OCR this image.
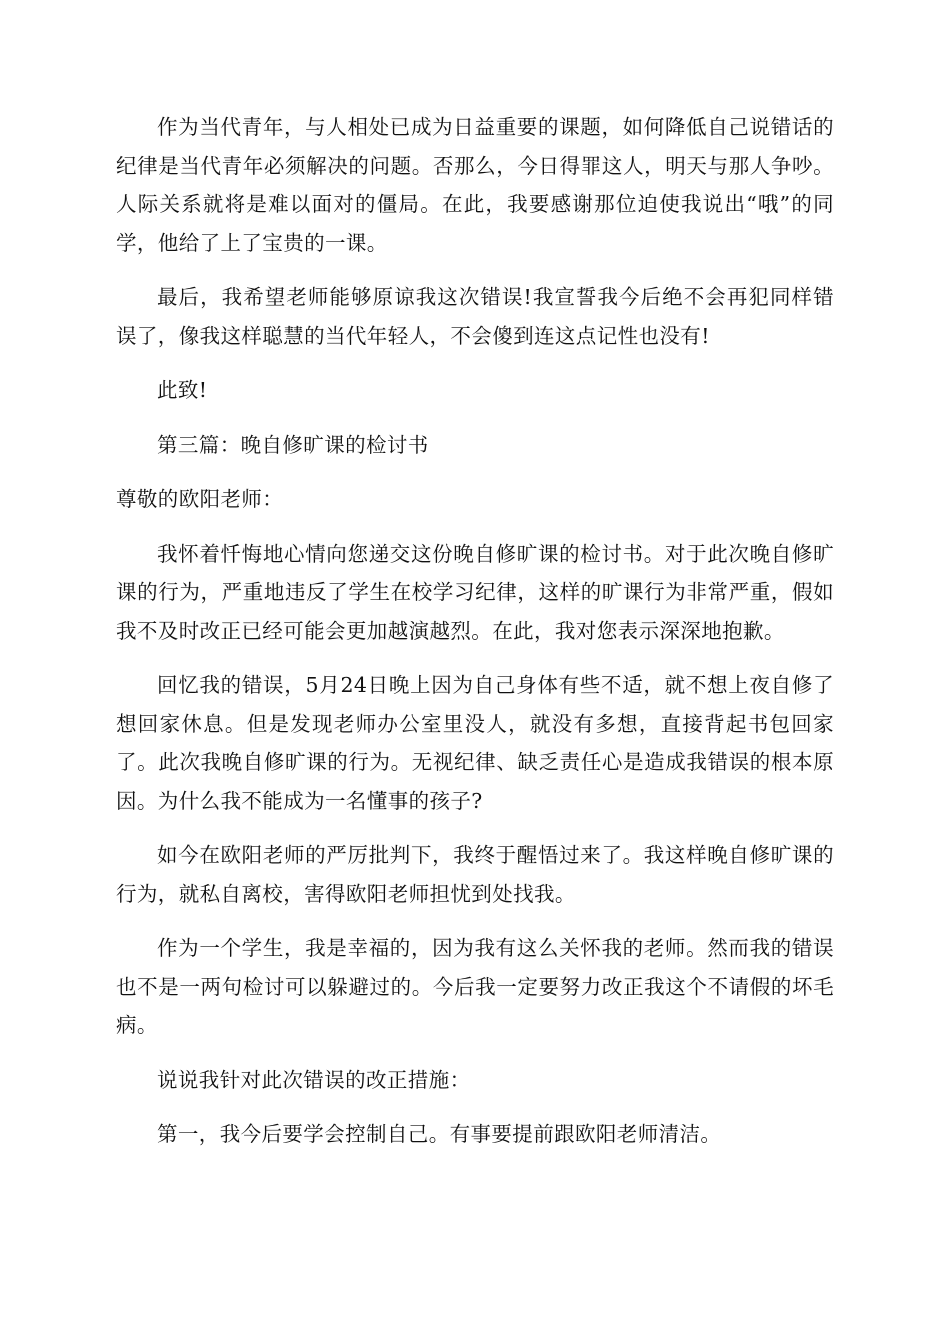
作为当代青年，与人相处已成为日益重要的课题，如何降低自己说错话的纪律是当代青年必须解决的问题。否那么，今日得罪这人，明天与那人争吵。人际关系就将是难以面对的僵局。在此，我要感谢那位迫使我说出“哦”的同学，他给了上了宝贵的一课。

最后，我希望老师能够原谅我这次错误!我宣誓我今后绝不会再犯同样错误了，像我这样聪慧的当代年轻人，不会傻到连这点记性也没有!

此致!

第三篇：晚自修旷课的检讨书

尊敬的欧阳老师：

我怀着忏悔地心情向您递交这份晚自修旷课的检讨书。对于此次晚自修旷课的行为，严重地违反了学生在校学习纪律，这样的旷课行为非常严重，假如我不及时改正已经可能会更加越演越烈。在此，我对您表示深深地抱歉。

回忆我的错误，5月24日晚上因为自己身体有些不适，就不想上夜自修了想回家休息。但是发现老师办公室里没人，就没有多想，直接背起书包回家了。此次我晚自修旷课的行为。无视纪律、缺乏责任心是造成我错误的根本原因。为什么我不能成为一名懂事的孩子?

如今在欧阳老师的严厉批判下，我终于醒悟过来了。我这样晚自修旷课的行为，就私自离校，害得欧阳老师担忧到处找我。

作为一个学生，我是幸福的，因为我有这么关怀我的老师。然而我的错误也不是一两句检讨可以躲避过的。今后我一定要努力改正我这个不请假的坏毛病。

说说我针对此次错误的改正措施：

第一，我今后要学会控制自己。有事要提前跟欧阳老师清洁。
